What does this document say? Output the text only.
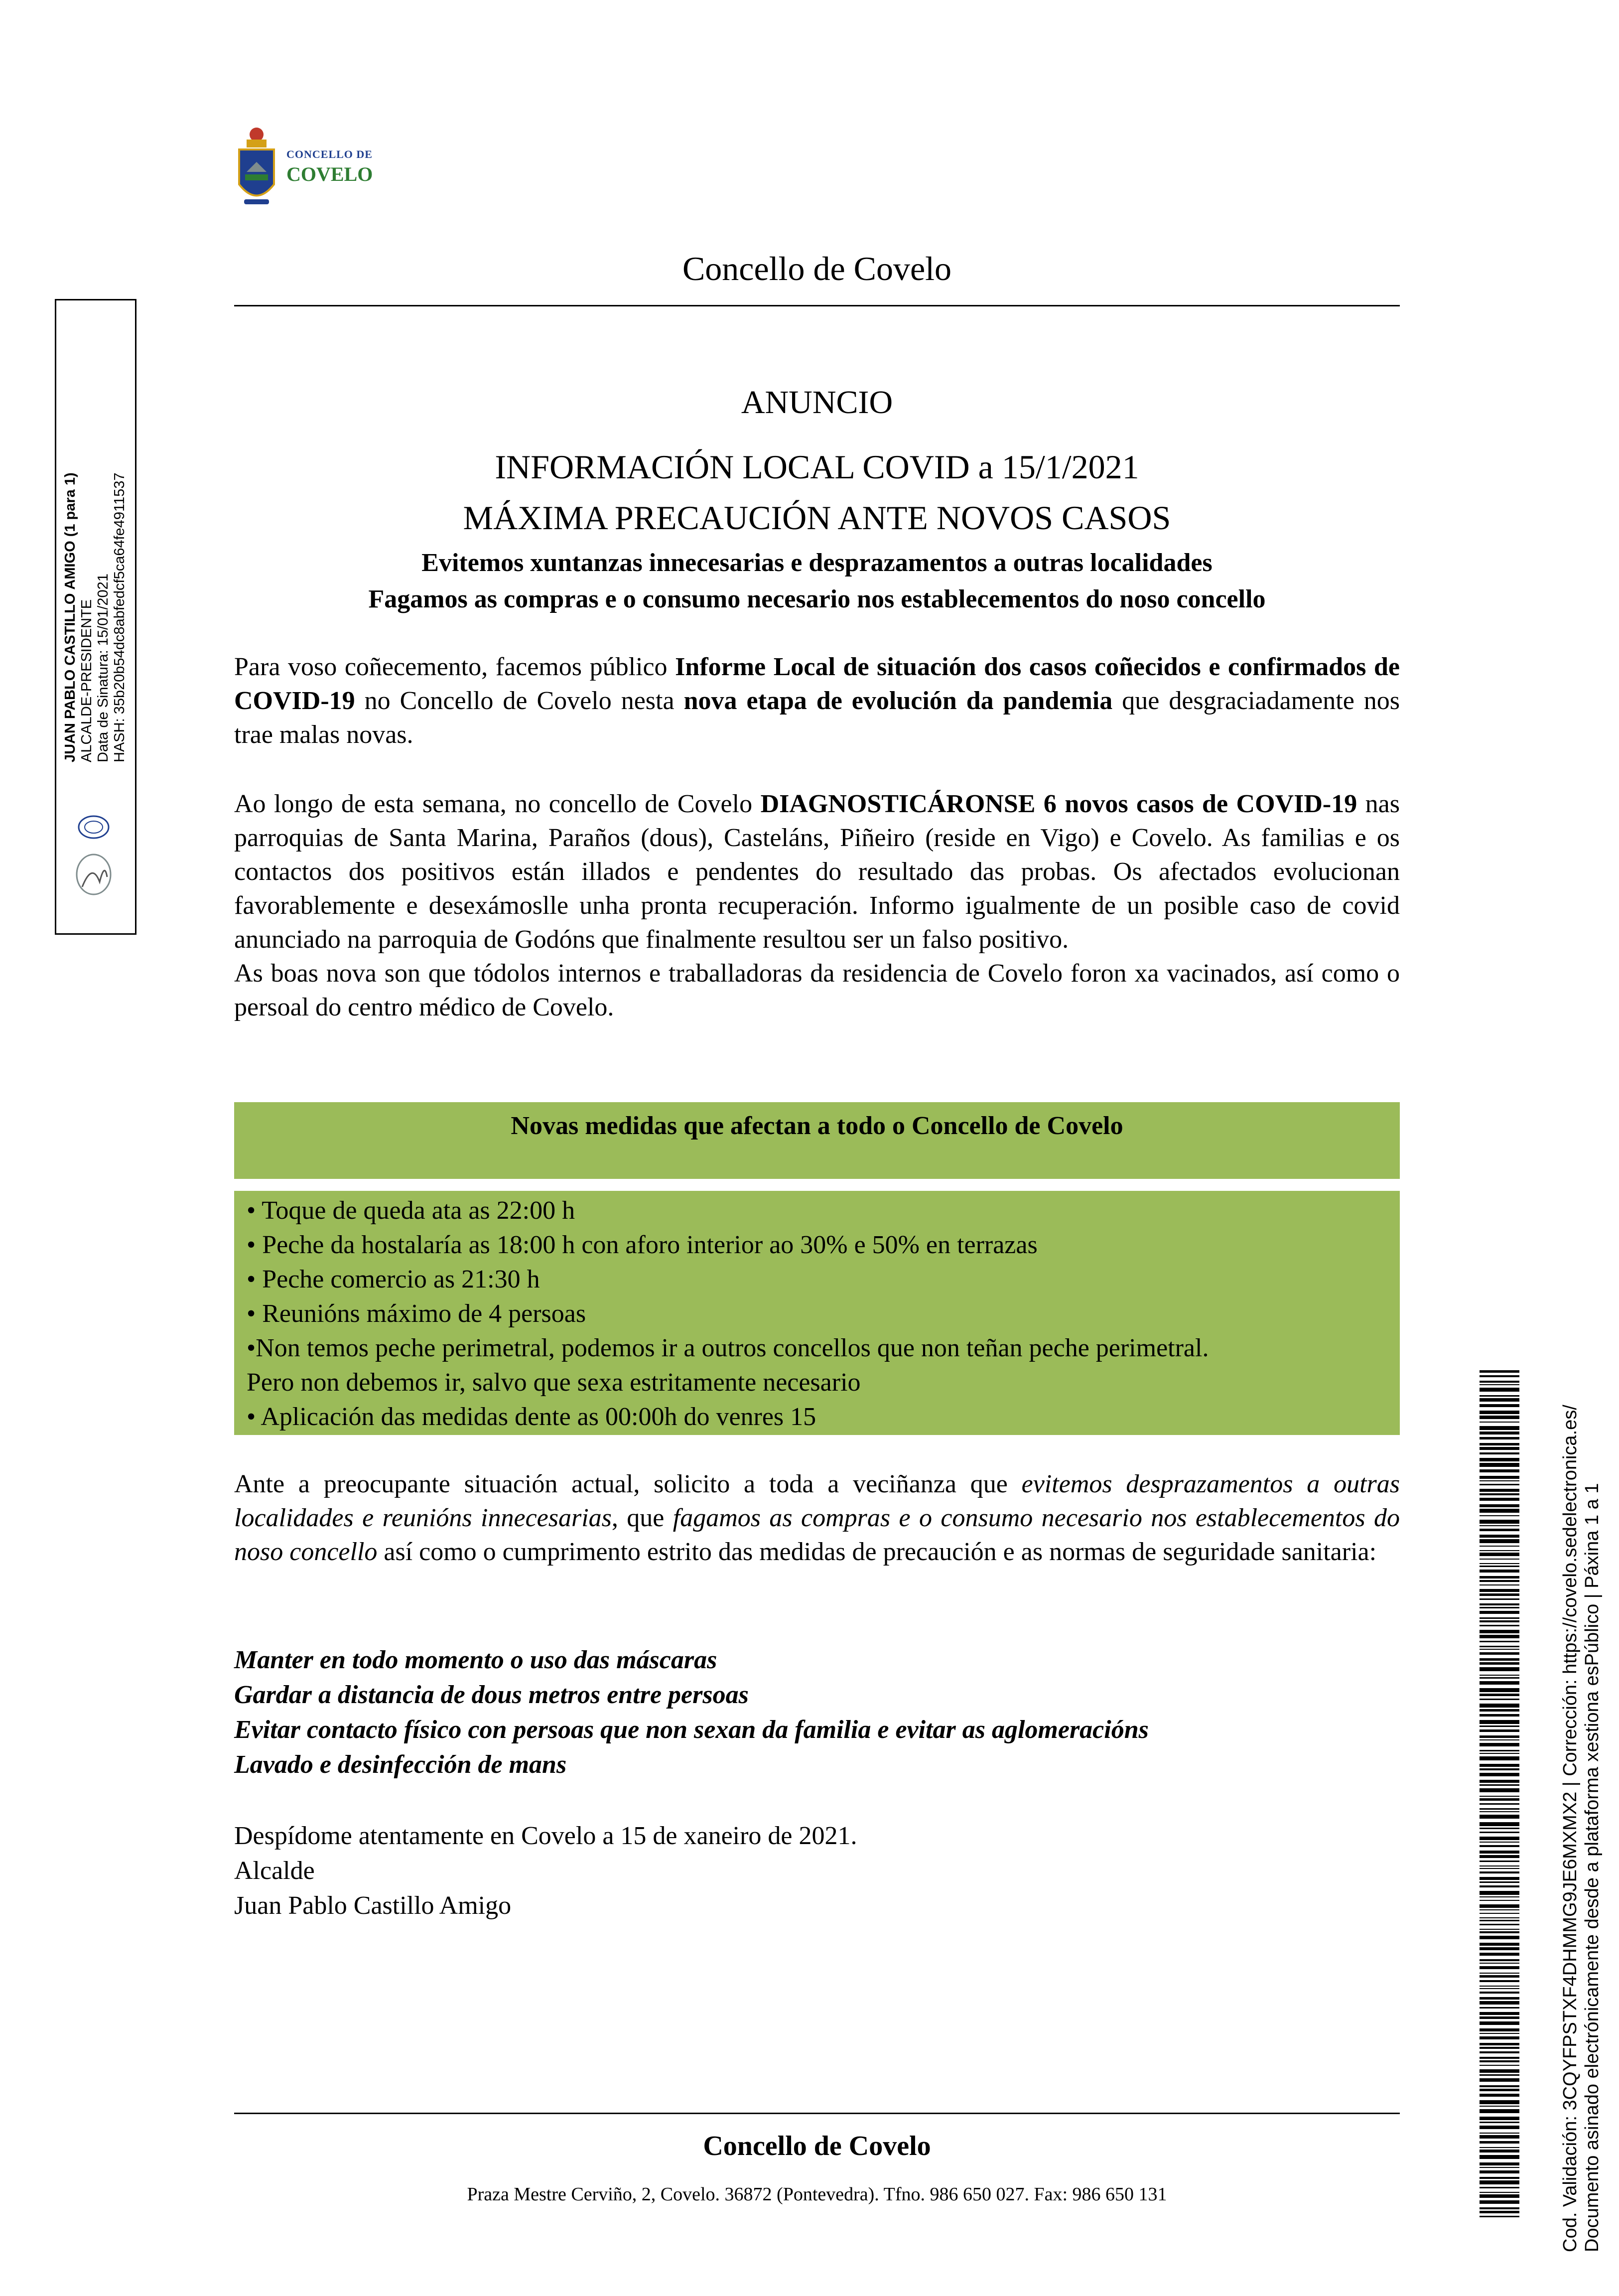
CONCELLO DE
COVELO
Concello de Covelo
JUAN PABLO CASTILLO AMIGO (1 para 1) ALCALDE-PRESIDENTE Data de Sinatura: 15/01/2021 HASH: 35b20b54dc8abfedcf5ca64fe4911537
ANUNCIO
INFORMACIÓN LOCAL COVID a 15/1/2021
MÁXIMA PRECAUCIÓN ANTE NOVOS CASOS
Evitemos xuntanzas innecesarias e desprazamentos a outras localidades
Fagamos as compras e o consumo necesario nos establecementos do noso concello
Para voso coñecemento, facemos público Informe Local de situación dos casos coñecidos e confirmados de COVID-19 no Concello de Covelo nesta nova etapa de evolución da pandemia que desgraciadamente nos trae malas novas.
Ao longo de esta semana, no concello de Covelo DIAGNOSTICÁRONSE 6 novos casos de COVID-19 nas parroquias de Santa Marina, Paraños (dous), Casteláns, Piñeiro (reside en Vigo) e Covelo. As familias e os contactos dos positivos están illados e pendentes do resultado das probas. Os afectados evolucionan favorablemente e desexámoslle unha pronta recuperación. Informo igualmente de un posible caso de covid anunciado na parroquia de Godóns que finalmente resultou ser un falso positivo.
As boas nova son que tódolos internos e traballadoras da residencia de Covelo foron xa vacinados, así como o persoal do centro médico de Covelo.
Novas medidas que afectan a todo o Concello de Covelo
• Toque de queda ata as 22:00 h
• Peche da hostalaría as 18:00 h con aforo interior ao 30% e 50% en terrazas
• Peche comercio as 21:30 h
• Reunións máximo de 4 persoas
•Non temos peche perimetral, podemos ir a outros concellos que non teñan peche perimetral.
Pero non debemos ir, salvo que sexa estritamente necesario
• Aplicación das medidas dente as 00:00h do venres 15
Ante a preocupante situación actual, solicito a toda a veciñanza que evitemos desprazamentos a outras localidades e reunións innecesarias, que fagamos as compras e o consumo necesario nos establecementos do noso concello así como o cumprimento estrito das medidas de precaución e as normas de seguridade sanitaria:
Manter en todo momento o uso das máscaras
Gardar a distancia de dous metros entre persoas
Evitar contacto físico con persoas que non sexan da familia e evitar as aglomeracións
Lavado e desinfección de mans
Despídome atentamente en Covelo a 15 de xaneiro de 2021.
Alcalde
Juan Pablo Castillo Amigo
Concello de Covelo
Praza Mestre Cerviño, 2, Covelo. 36872 (Pontevedra). Tfno. 986 650 027. Fax: 986 650 131	Cod. Validación: 3CQYFPSTXF4DHMMG9JE6MXMX2 | Corrección: https://covelo.sedelectronica.es/ Documento asinado electrónicamente desde a plataforma xestiona esPúblico | Páxina 1 a 1
